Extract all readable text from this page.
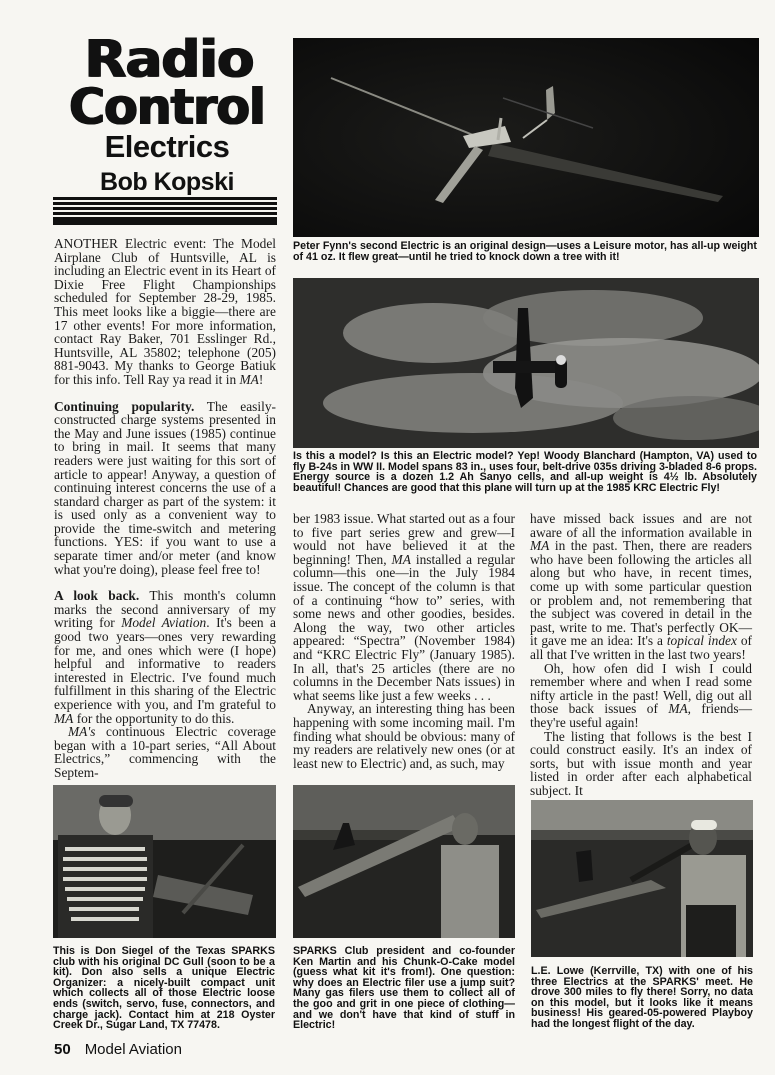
Radio
Control
Electrics
Bob Kopski

ANOTHER Electric event: The Model Airplane Club of Huntsville, AL is including an Electric event in its Heart of Dixie Free Flight Championships scheduled for September 28-29, 1985. This meet looks like a biggie—there are 17 other events! For more information, contact Ray Baker, 701 Esslinger Rd., Huntsville, AL 35802; telephone (205) 881-9043. My thanks to George Batiuk for this info. Tell Ray ya read it in MA!

Continuing popularity. The easily-constructed charge systems presented in the May and June issues (1985) continue to bring in mail. It seems that many readers were just waiting for this sort of article to appear! Anyway, a question of continuing interest concerns the use of a standard charger as part of the system: it is used only as a convenient way to provide the time-switch and metering functions. YES: if you want to use a separate timer and/or meter (and know what you're doing), please feel free to!

A look back. This month's column marks the second anniversary of my writing for Model Aviation. It's been a good two years—ones very rewarding for me, and ones which were (I hope) helpful and informative to readers interested in Electric. I've found much fulfillment in this sharing of the Electric experience with you, and I'm grateful to MA for the opportunity to do this.

MA's continuous Electric coverage began with a 10-part series, “All About Electrics,” commencing with the Septem-

Peter Fynn's second Electric is an original design—uses a Leisure motor, has all-up weight of 41 oz. It flew great—until he tried to knock down a tree with it!
Is this a model? Is this an Electric model? Yep! Woody Blanchard (Hampton, VA) used to fly B-24s in WW II. Model spans 83 in., uses four, belt-drive 035s driving 3-bladed 8-6 props. Energy source is a dozen 1.2 Ah Sanyo cells, and all-up weight is 4½ lb. Absolutely beautiful! Chances are good that this plane will turn up at the 1985 KRC Electric Fly!

ber 1983 issue. What started out as a four to five part series grew and grew—I would not have believed it at the beginning! Then, MA installed a regular column—this one—in the July 1984 issue. The concept of the column is that of a continuing “how to” series, with some news and other goodies, besides. Along the way, two other articles appeared: “Spectra” (November 1984) and “KRC Electric Fly” (January 1985). In all, that's 25 articles (there are no columns in the December Nats issues) in what seems like just a few weeks . . .

Anyway, an interesting thing has been happening with some incoming mail. I'm finding what should be obvious: many of my readers are relatively new ones (or at least new to Electric) and, as such, may

have missed back issues and are not aware of all the information available in MA in the past. Then, there are readers who have been following the articles all along but who have, in recent times, come up with some particular question or problem and, not remembering that the subject was covered in detail in the past, write to me. That's perfectly OK—it gave me an idea: It's a topical index of all that I've written in the last two years!

Oh, how ofen did I wish I could remember where and when I read some nifty article in the past! Well, dig out all those back issues of MA, friends—they're useful again!

The listing that follows is the best I could construct easily. It's an index of sorts, but with issue month and year listed in order after each alphabetical subject. It

This is Don Siegel of the Texas SPARKS club with his original DC Gull (soon to be a kit). Don also sells a unique Electric Organizer: a nicely-built compact unit which collects all of those Electric loose ends (switch, servo, fuse, connectors, and charge jack). Contact him at 218 Oyster Creek Dr., Sugar Land, TX 77478.
SPARKS Club president and co-founder Ken Martin and his Chunk-O-Cake model (guess what kit it's from!). One question: why does an Electric filer use a jump suit? Many gas filers use them to collect all of the goo and grit in one piece of clothing—and we don't have that kind of stuff in Electric!
L.E. Lowe (Kerrville, TX) with one of his three Electrics at the SPARKS' meet. He drove 300 miles to fly there! Sorry, no data on this model, but it looks like it means business! His geared-05-powered Playboy had the longest flight of the day.
50 Model Aviation
